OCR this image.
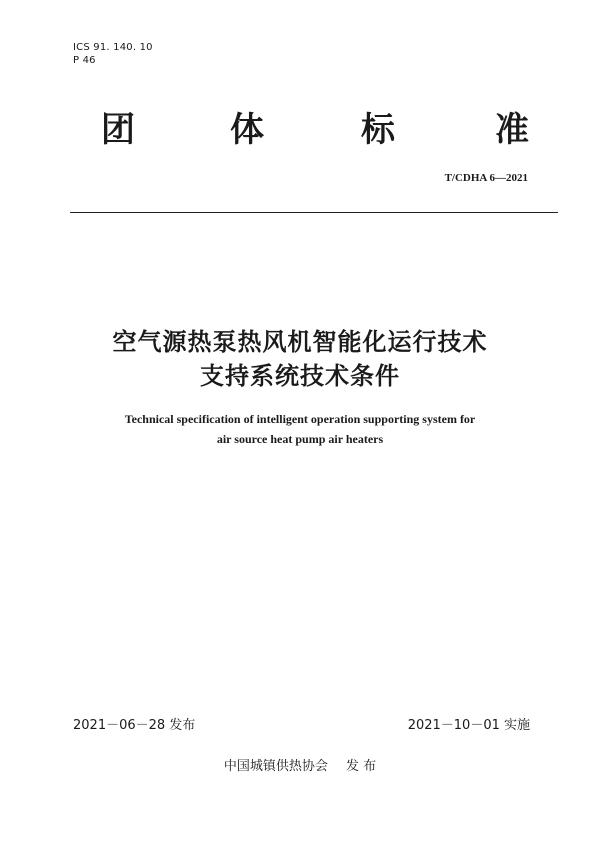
ICS 91. 140. 10
P 46
团	体	标	准
T/CDHA 6—2021
空气源热泵热风机智能化运行技术
支持系统技术条件
Technical specification of intelligent operation supporting system for
air source heat pump air heaters
2021－06－28 发布	2021－10－01 实施
中国城镇供热协会 发 布
